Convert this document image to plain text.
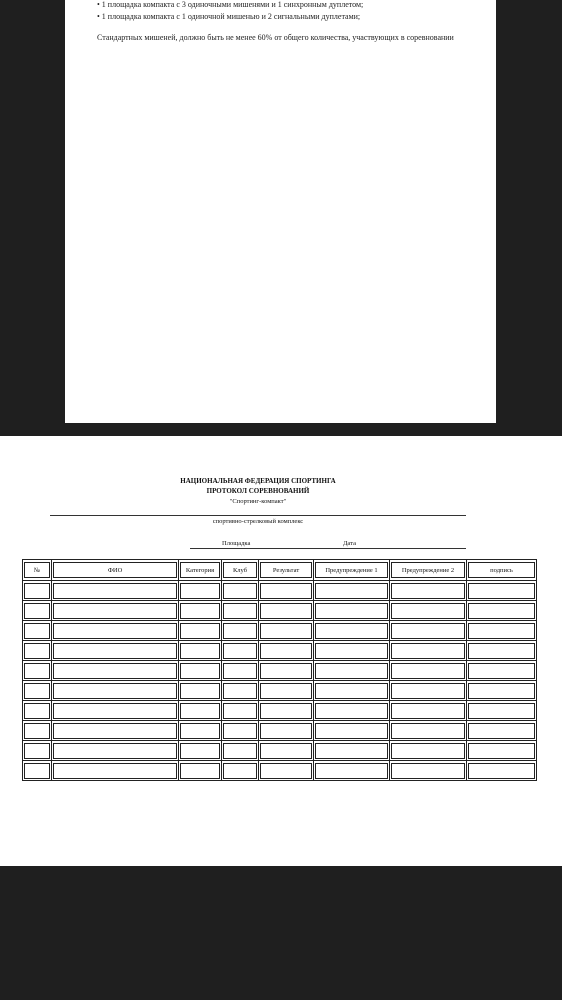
• 1 площадка компакта с 3 одиночными мишенями и 1 синхронным дуплетом;
• 1 площадка компакта с 1 одиночной мишенью и 2 сигнальными дуплетами;
Стандартных мишеней, должно быть не менее 60% от общего количества, участвующих в соревновании
НАЦИОНАЛЬНАЯ ФЕДЕРАЦИЯ СПОРТИНГА
ПРОТОКОЛ СОРЕВНОВАНИЙ
"Спортинг-компакт"
спортивно-стрелковый комплекс
Площадка	Дата
№	ФИО	Категория	Клуб	Результат	Предупреждение 1	Предупреждение 2	подпись
